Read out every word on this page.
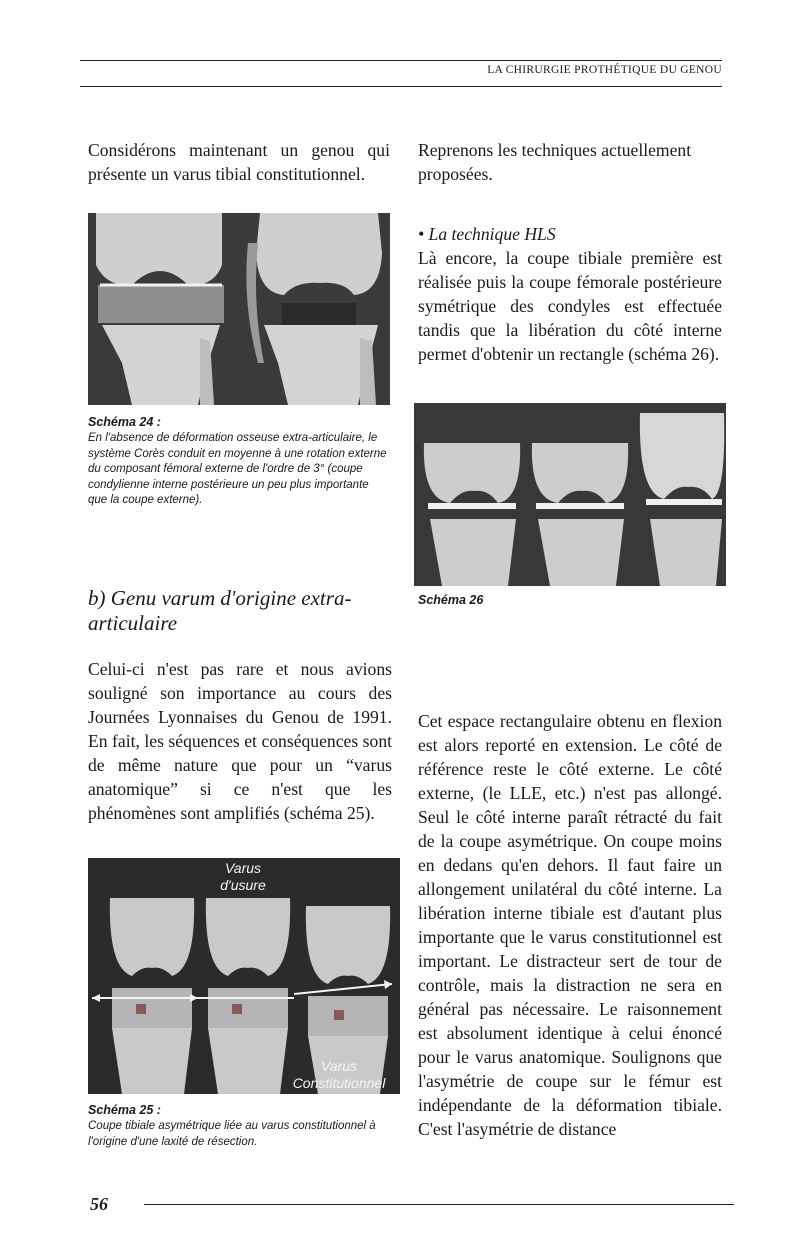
LA CHIRURGIE PROTHÉTIQUE DU GENOU

Considérons maintenant un genou qui présente un varus tibial constitutionnel.

Schéma 24 :

En l'absence de déformation osseuse extra-articulaire, le système Corès conduit en moyenne à une rotation externe du composant fémoral externe de l'ordre de 3° (coupe condylienne interne postérieure un peu plus importante que la coupe externe).

b) Genu varum d'origine extra-articulaire

Celui-ci n'est pas rare et nous avions souligné son importance au cours des Journées Lyonnaises du Genou de 1991. En fait, les séquences et conséquences sont de même nature que pour un “varus anatomique” si ce n'est que les phénomènes sont amplifiés (schéma 25).

Varus
d'usure
Varus
Constitutionnel
Schéma 25 :

Coupe tibiale asymétrique liée au varus constitutionnel à l'origine d'une laxité de résection.

Reprenons les techniques actuellement proposées.

• La technique HLS

Là encore, la coupe tibiale première est réalisée puis la coupe fémorale postérieure symétrique des condyles est effectuée tandis que la libération du côté interne permet d'obtenir un rectangle (schéma 26).

Schéma 26

Cet espace rectangulaire obtenu en flexion est alors reporté en extension. Le côté de référence reste le côté externe. Le côté externe, (le LLE, etc.) n'est pas allongé. Seul le côté interne paraît rétracté du fait de la coupe asymétrique. On coupe moins en dedans qu'en dehors. Il faut faire un allongement unilatéral du côté interne. La libération interne tibiale est d'autant plus importante que le varus constitutionnel est important. Le distracteur sert de tour de contrôle, mais la distraction ne sera en général pas nécessaire. Le raisonnement est absolument identique à celui énoncé pour le varus anatomique. Soulignons que l'asymétrie de coupe sur le fémur est indépendante de la déformation tibiale. C'est l'asymétrie de distance

56
